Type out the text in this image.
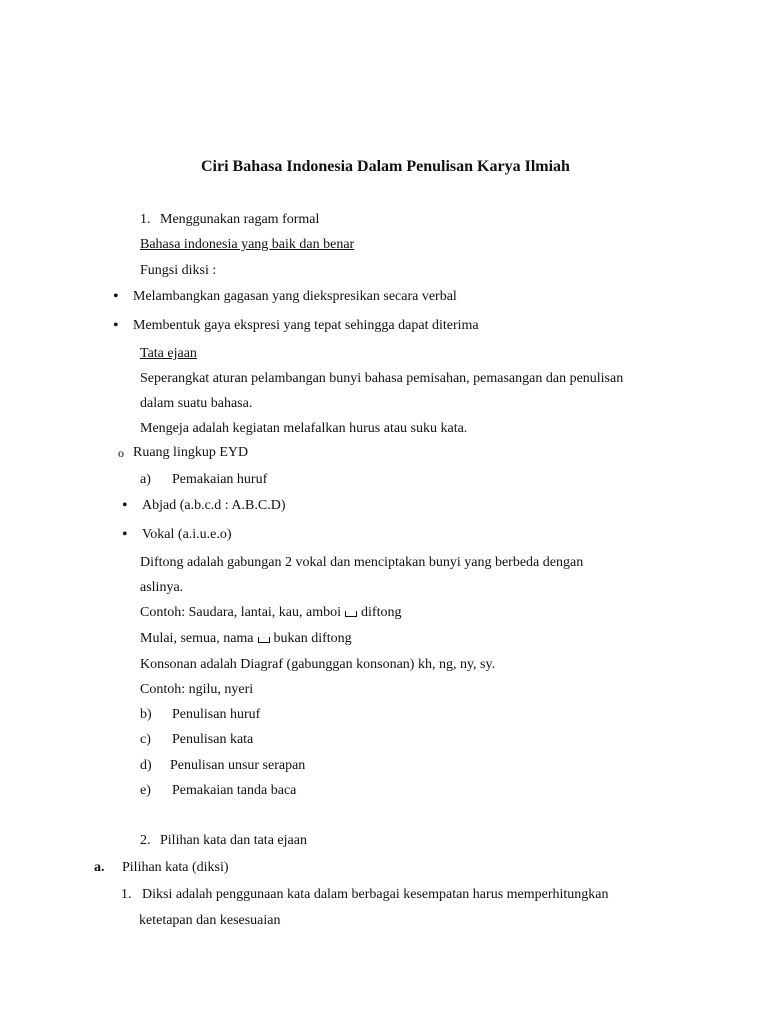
Ciri Bahasa Indonesia Dalam Penulisan Karya Ilmiah
1. Menggunakan ragam formal
Bahasa indonesia yang baik dan benar
Fungsi diksi :
• Melambangkan gagasan yang diekspresikan secara verbal
• Membentuk gaya ekspresi yang tepat sehingga dapat diterima
Tata ejaan
Seperangkat aturan pelambangan bunyi bahasa pemisahan, pemasangan dan penulisan
dalam suatu bahasa.
Mengeja adalah kegiatan melafalkan hurus atau suku kata.
o Ruang lingkup EYD
a) Pemakaian huruf
• Abjad (a.b.c.d : A.B.C.D)
• Vokal (a.i.u.e.o)
Diftong adalah gabungan 2 vokal dan menciptakan bunyi yang berbeda dengan
aslinya.
Contoh: Saudara, lantai, kau, amboi diftong
Mulai, semua, nama bukan diftong
Konsonan adalah Diagraf (gabunggan konsonan) kh, ng, ny, sy.
Contoh: ngilu, nyeri
b) Penulisan huruf
c) Penulisan kata
d) Penulisan unsur serapan
e) Pemakaian tanda baca
2. Pilihan kata dan tata ejaan
a. Pilihan kata (diksi)
1. Diksi adalah penggunaan kata dalam berbagai kesempatan harus memperhitungkan
ketetapan dan kesesuaian
